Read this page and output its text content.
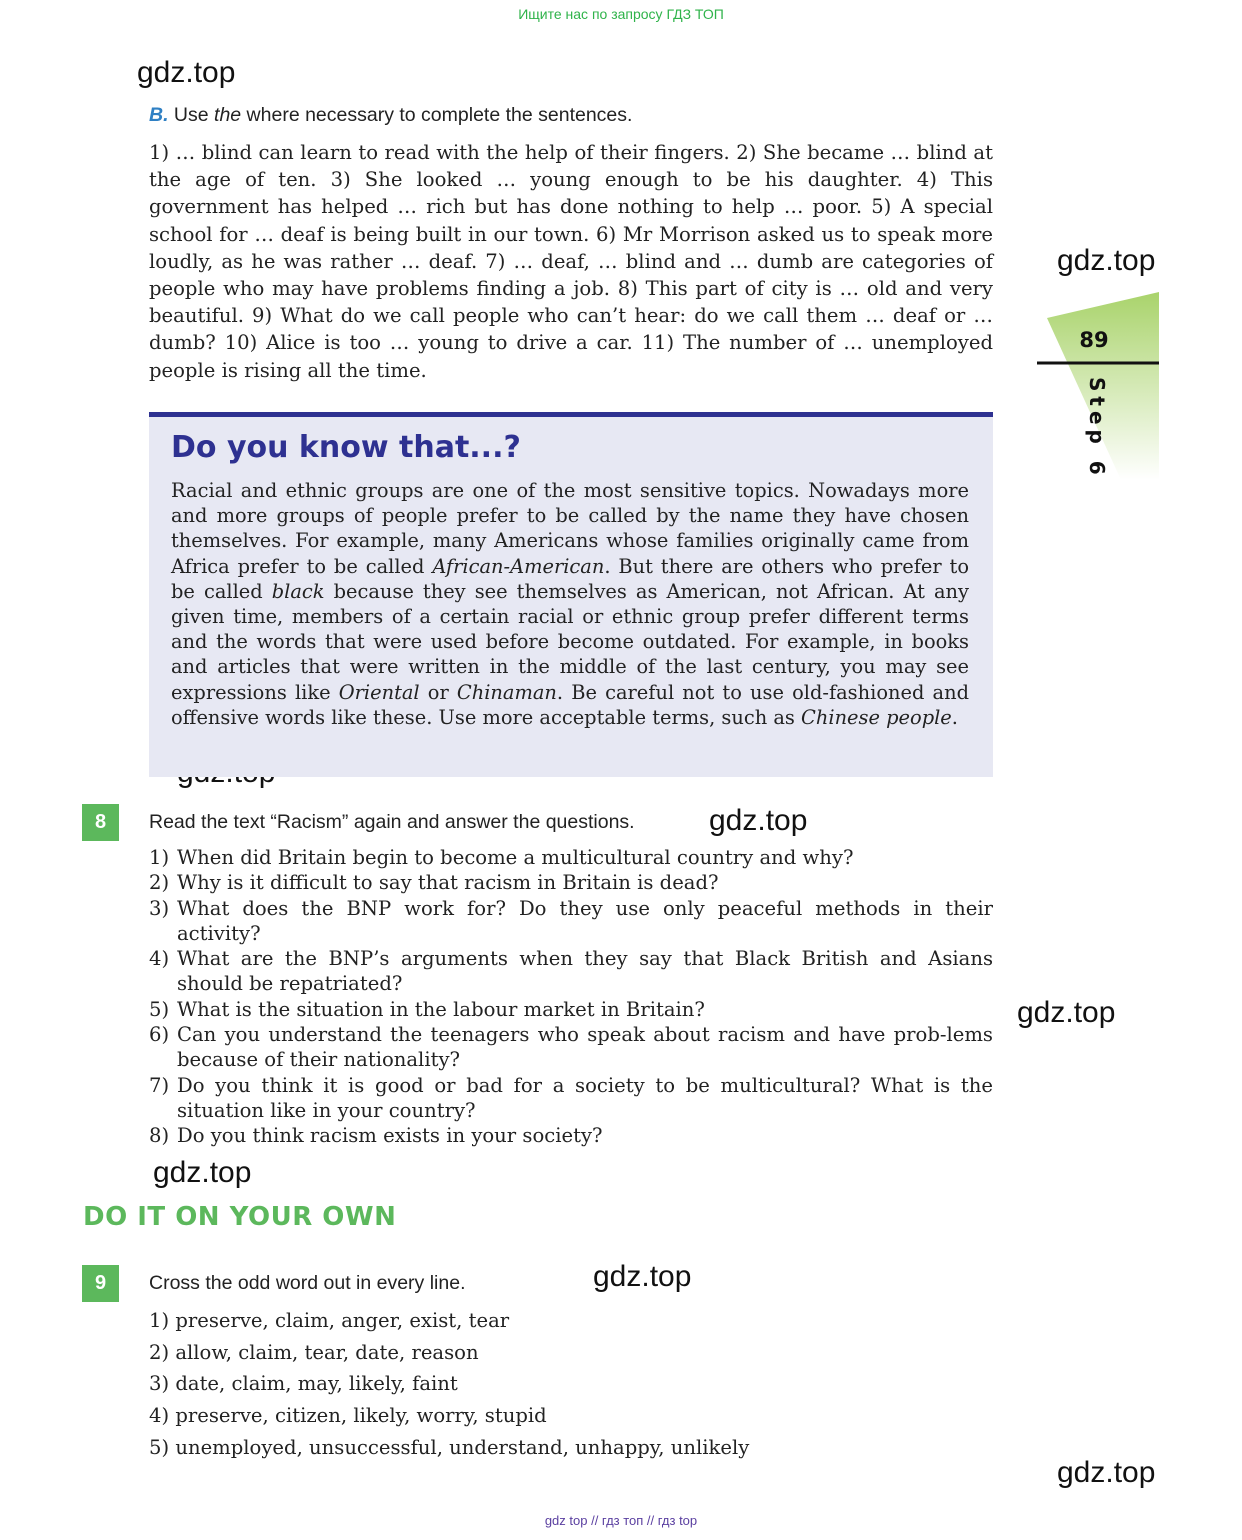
Ищите нас по запросу ГДЗ ТОП
gdz.top
gdz.top
gdz.top
gdz.top
gdz.top
gdz.top
gdz.top
B. Use the where necessary to complete the sentences.
1) … blind can learn to read with the help of their fingers. 2) She became … blind at the age of ten. 3) She looked … young enough to be his daughter. 4) This government has helped … rich but has done nothing to help … poor. 5) A special school for … deaf is being built in our town. 6) Mr Morrison asked us to speak more loudly, as he was rather … deaf. 7) … deaf, … blind and … dumb are categories of people who may have problems finding a job. 8) This part of city is … old and very beautiful. 9) What do we call people who can’t hear: do we call them … deaf or … dumb? 10) Alice is too … young to drive a car. 11) The number of … unemployed people is rising all the time.
89
Step 6
Do you know that...?
Racial and ethnic groups are one of the most sensitive topics. Nowadays more and more groups of people prefer to be called by the name they have chosen themselves. For example, many Americans whose families originally came from Africa prefer to be called African-American. But there are others who prefer to be called black because they see themselves as American, not African. At any given time, members of a certain racial or ethnic group prefer different terms and the words that were used before become outdated. For example, in books and articles that were written in the middle of the last century, you may see expressions like Oriental or Chinaman. Be careful not to use old-fashioned and offensive words like these. Use more acceptable terms, such as Chinese people.
8	Read the text “Racism” again and answer the questions.
1) When did Britain begin to become a multicultural country and why?
2) Why is it difficult to say that racism in Britain is dead?
3) What does the BNP work for? Do they use only peaceful methods in their activity?
4) What are the BNP’s arguments when they say that Black British and Asians should be repatriated?
5) What is the situation in the labour market in Britain?
6) Can you understand the teenagers who speak about racism and have prob-lems because of their nationality?
7) Do you think it is good or bad for a society to be multicultural? What is the situation like in your country?
8) Do you think racism exists in your society?
DO IT ON YOUR OWN
9	Cross the odd word out in every line.
1) preserve, claim, anger, exist, tear
2) allow, claim, tear, date, reason
3) date, claim, may, likely, faint
4) preserve, citizen, likely, worry, stupid
5) unemployed, unsuccessful, understand, unhappy, unlikely
gdz top // гдз топ // гдз top
